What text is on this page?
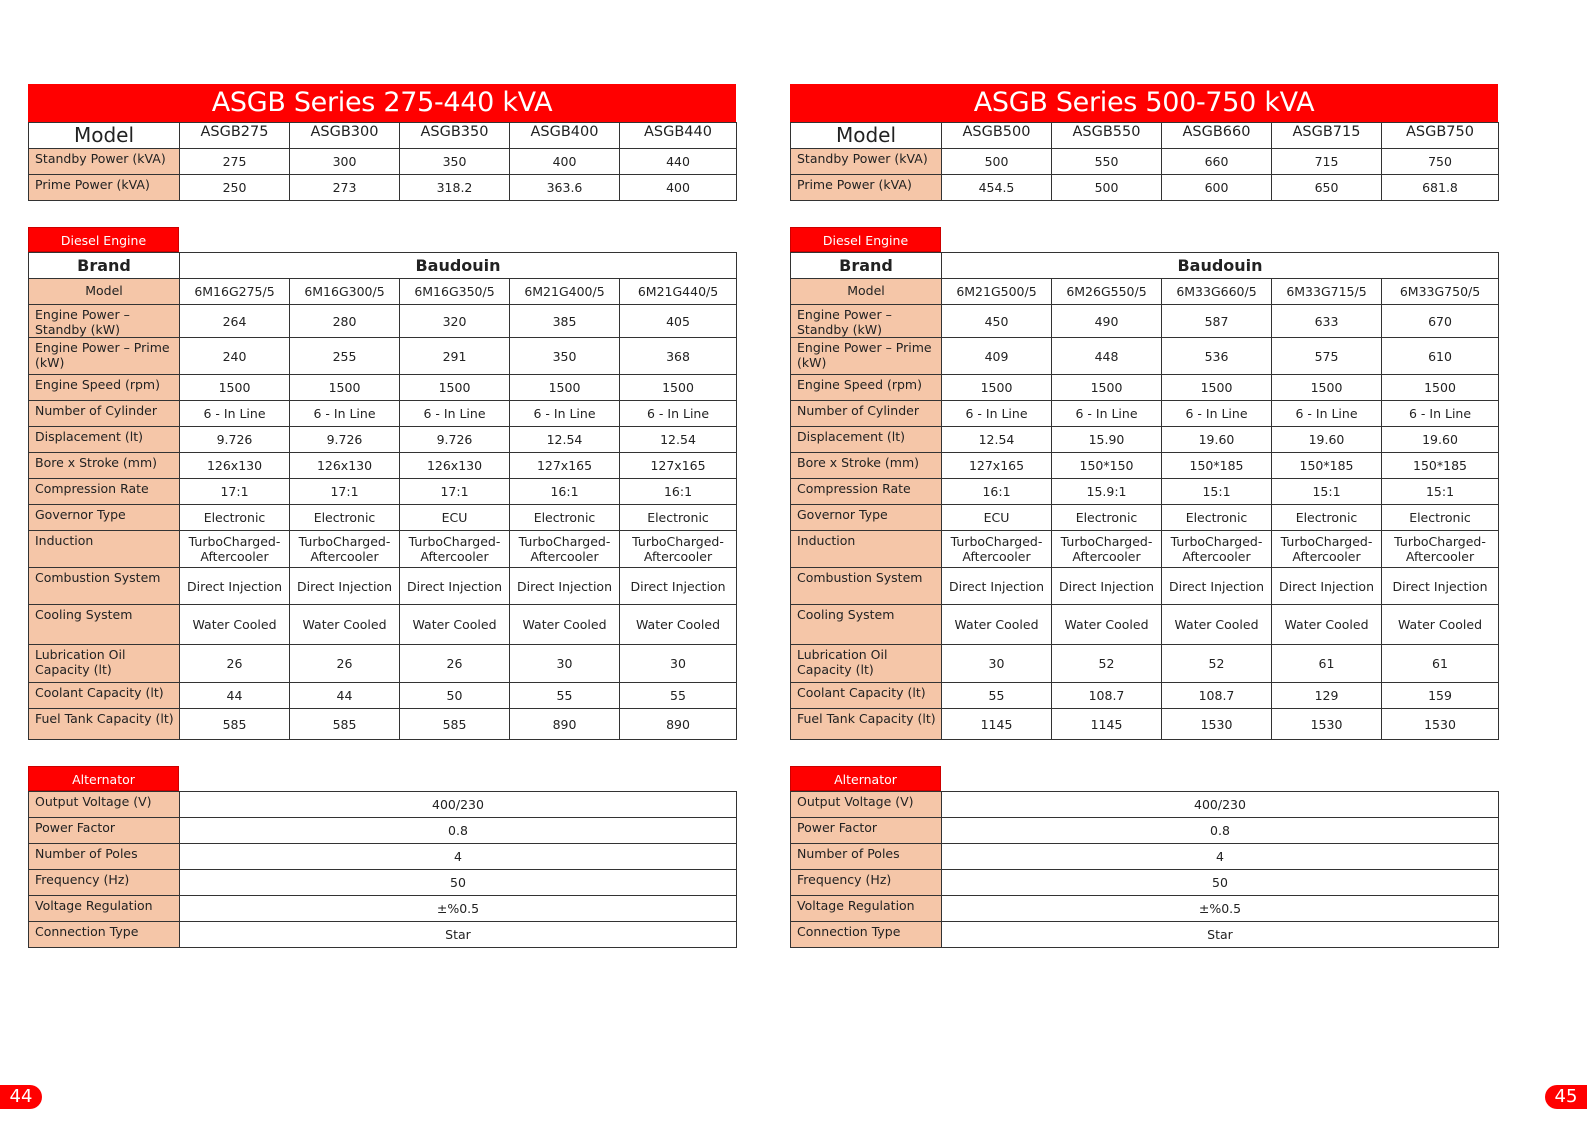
ASGB Series 275-440 kVA
Model	ASGB275	ASGB300	ASGB350	ASGB400	ASGB440
Standby Power (kVA)	275	300	350	400	440
Prime Power (kVA)	250	273	318.2	363.6	400
Diesel Engine
Brand	Baudouin				
Model	6M16G275/5	6M16G300/5	6M16G350/5	6M21G400/5	6M21G440/5
Engine Power – Standby (kW)	264	280	320	385	405
Engine Power – Prime (kW)	240	255	291	350	368
Engine Speed (rpm)	1500	1500	1500	1500	1500
Number of Cylinder	6 - In Line	6 - In Line	6 - In Line	6 - In Line	6 - In Line
Displacement (lt)	9.726	9.726	9.726	12.54	12.54
Bore x Stroke (mm)	126x130	126x130	126x130	127x165	127x165
Compression Rate	17:1	17:1	17:1	16:1	16:1
Governor Type	Electronic	Electronic	ECU	Electronic	Electronic
Induction	TurboCharged-Aftercooler	TurboCharged-Aftercooler	TurboCharged-Aftercooler	TurboCharged-Aftercooler	TurboCharged-Aftercooler
Combustion System	Direct Injection	Direct Injection	Direct Injection	Direct Injection	Direct Injection
Cooling System	Water Cooled	Water Cooled	Water Cooled	Water Cooled	Water Cooled
Lubrication Oil Capacity (lt)	26	26	26	30	30
Coolant Capacity (lt)	44	44	50	55	55
Fuel Tank Capacity (lt)	585	585	585	890	890
Alternator
Output Voltage (V)	400/230
Power Factor	0.8
Number of Poles	4
Frequency (Hz)	50
Voltage Regulation	±%0.5
Connection Type	Star
ASGB Series 500-750 kVA
Model	ASGB500	ASGB550	ASGB660	ASGB715	ASGB750
Standby Power (kVA)	500	550	660	715	750
Prime Power (kVA)	454.5	500	600	650	681.8
Diesel Engine
Brand	Baudouin				
Model	6M21G500/5	6M26G550/5	6M33G660/5	6M33G715/5	6M33G750/5
Engine Power – Standby (kW)	450	490	587	633	670
Engine Power – Prime (kW)	409	448	536	575	610
Engine Speed (rpm)	1500	1500	1500	1500	1500
Number of Cylinder	6 - In Line	6 - In Line	6 - In Line	6 - In Line	6 - In Line
Displacement (lt)	12.54	15.90	19.60	19.60	19.60
Bore x Stroke (mm)	127x165	150*150	150*185	150*185	150*185
Compression Rate	16:1	15.9:1	15:1	15:1	15:1
Governor Type	ECU	Electronic	Electronic	Electronic	Electronic
Induction	TurboCharged-Aftercooler	TurboCharged-Aftercooler	TurboCharged-Aftercooler	TurboCharged-Aftercooler	TurboCharged-Aftercooler
Combustion System	Direct Injection	Direct Injection	Direct Injection	Direct Injection	Direct Injection
Cooling System	Water Cooled	Water Cooled	Water Cooled	Water Cooled	Water Cooled
Lubrication Oil Capacity (lt)	30	52	52	61	61
Coolant Capacity (lt)	55	108.7	108.7	129	159
Fuel Tank Capacity (lt)	1145	1145	1530	1530	1530
Alternator
Output Voltage (V)	400/230
Power Factor	0.8
Number of Poles	4
Frequency (Hz)	50
Voltage Regulation	±%0.5
Connection Type	Star
44	45
